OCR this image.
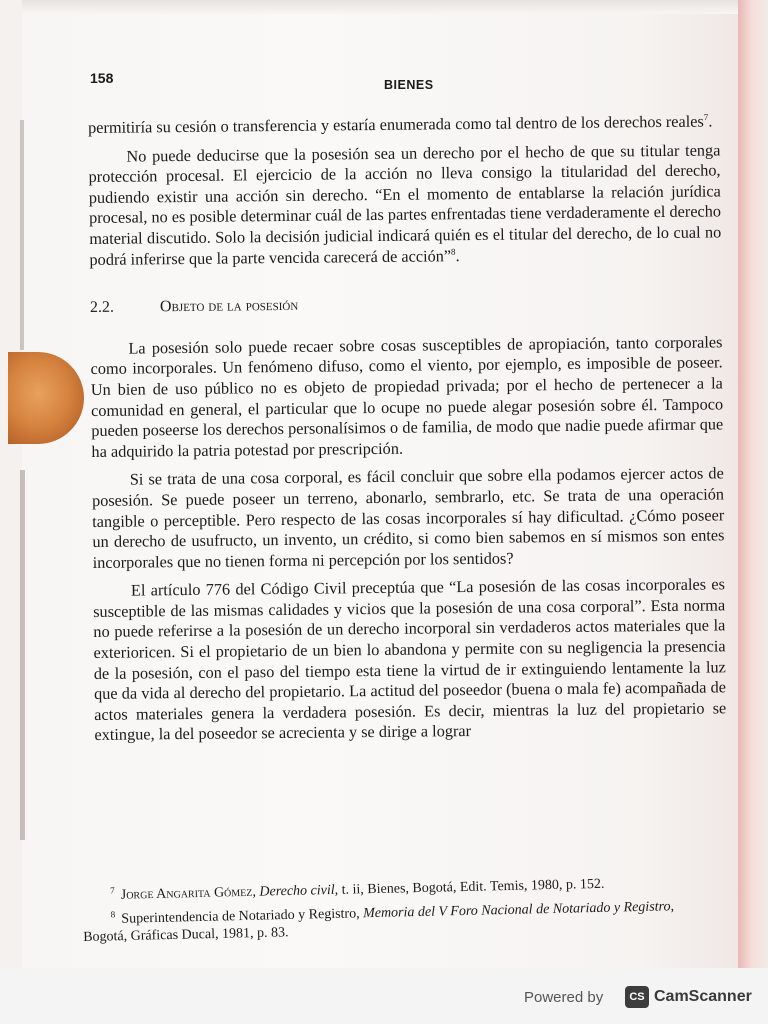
158	BIENES

permitiría su cesión o transferencia y estaría enumerada como tal dentro de los derechos reales$^7$.

No puede deducirse que la posesión sea un derecho por el hecho de que su titular tenga protección procesal. El ejercicio de la acción no lleva consigo la titularidad del derecho, pudiendo existir una acción sin derecho. “En el momento de entablarse la relación jurídica procesal, no es posible determinar cuál de las partes enfrentadas tiene verdaderamente el derecho material discutido. Solo la decisión judicial indicará quién es el titular del derecho, de lo cual no podrá inferirse que la parte vencida carecerá de acción”$^8$.

2.2.	Objeto de la posesión

La posesión solo puede recaer sobre cosas susceptibles de apropiación, tanto corporales como incorporales. Un fenómeno difuso, como el viento, por ejemplo, es imposible de poseer. Un bien de uso público no es objeto de propiedad privada; por el hecho de pertenecer a la comunidad en general, el particular que lo ocupe no puede alegar posesión sobre él. Tampoco pueden poseerse los derechos personalísimos o de familia, de modo que nadie puede afirmar que ha adquirido la patria potestad por prescripción.

Si se trata de una cosa corporal, es fácil concluir que sobre ella podamos ejercer actos de posesión. Se puede poseer un terreno, abonarlo, sembrarlo, etc. Se trata de una operación tangible o perceptible. Pero respecto de las cosas incorporales sí hay dificultad. ¿Cómo poseer un derecho de usufructo, un invento, un crédito, si como bien sabemos en sí mismos son entes incorporales que no tienen forma ni percepción por los sentidos?

El artículo 776 del Código Civil preceptúa que “La posesión de las cosas incorporales es susceptible de las mismas calidades y vicios que la posesión de una cosa corporal”. Esta norma no puede referirse a la posesión de un derecho incorporal sin verdaderos actos materiales que la exterioricen. Si el propietario de un bien lo abandona y permite con su negligencia la presencia de la posesión, con el paso del tiempo esta tiene la virtud de ir extinguiendo lentamente la luz que da vida al derecho del propietario. La actitud del poseedor (buena o mala fe) acompañada de actos materiales genera la verdadera posesión. Es decir, mientras la luz del propietario se extingue, la del poseedor se acrecienta y se dirige a lograr

$^7$ Jorge Angarita Gómez, Derecho civil, t. ii, Bienes, Bogotá, Edit. Temis, 1980, p. 152.

$^8$ Superintendencia de Notariado y Registro, Memoria del V Foro Nacional de Notariado y Registro, Bogotá, Gráficas Ducal, 1981, p. 83.

Powered by	CS CamScanner
